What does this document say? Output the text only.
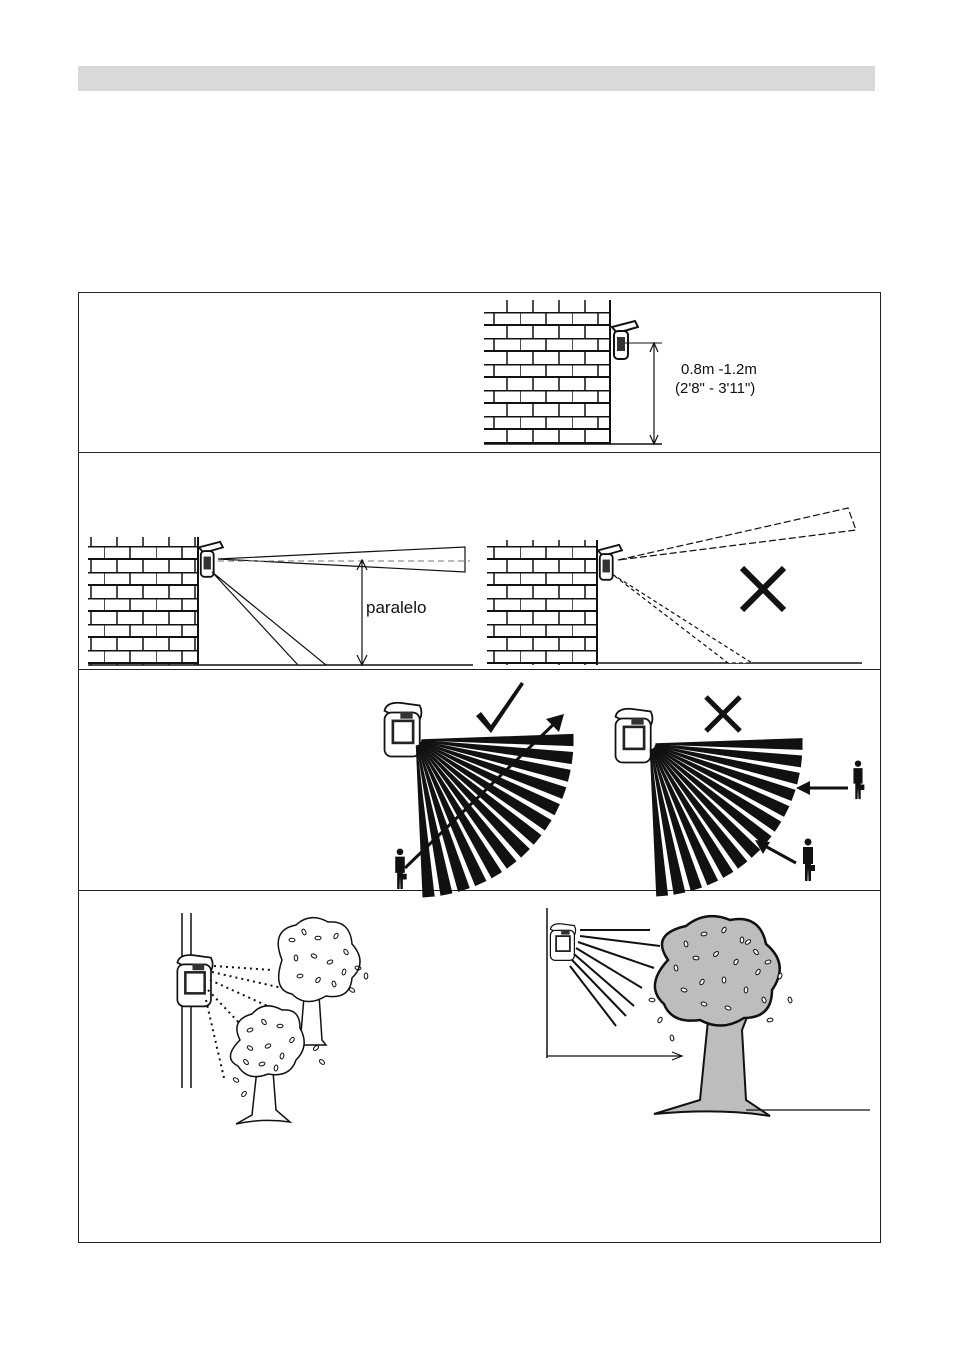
0.8m -1.2m
(2'8" - 3'11")
paralelo
